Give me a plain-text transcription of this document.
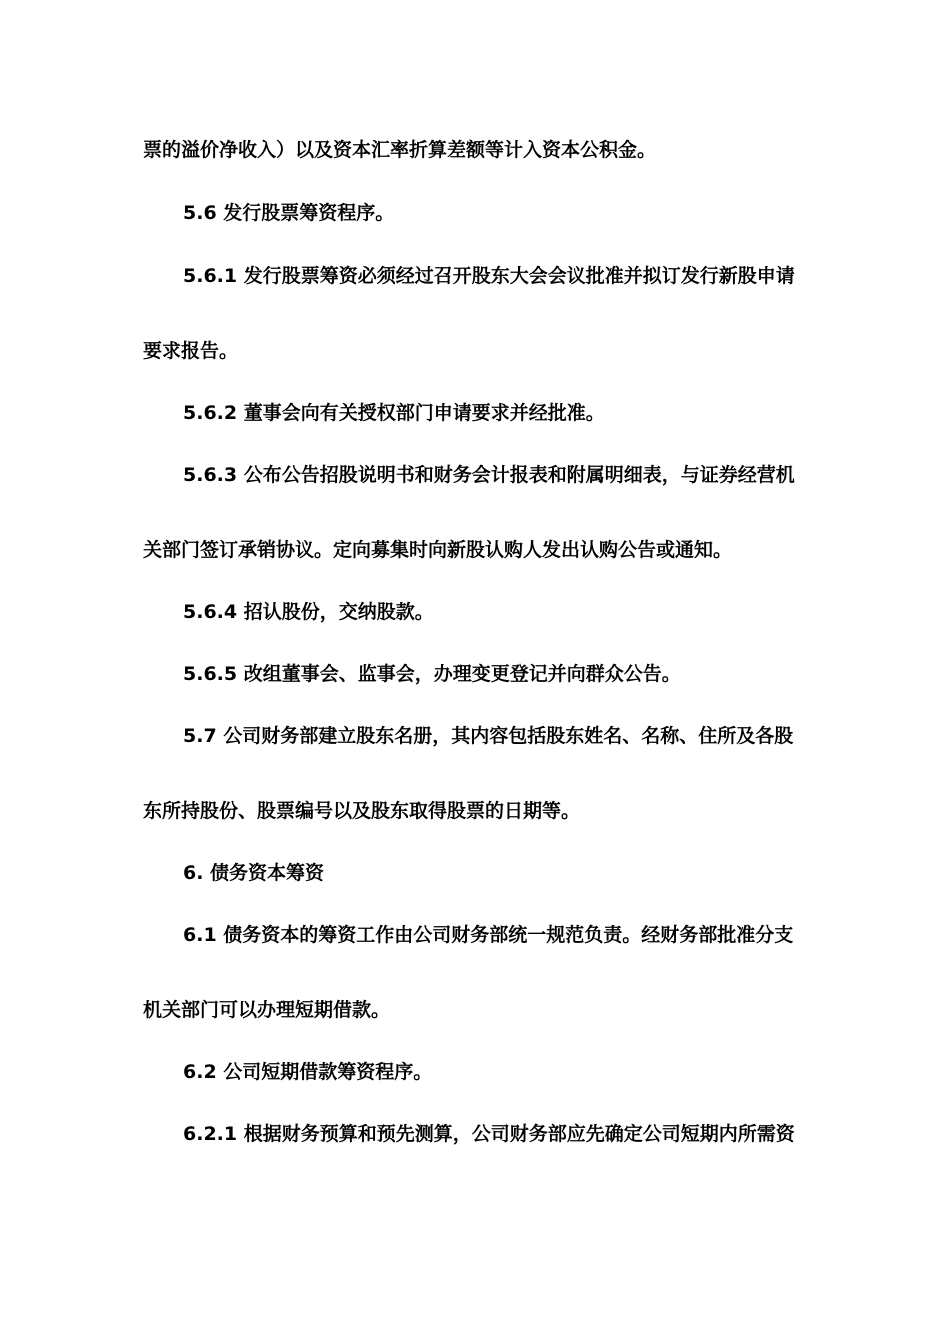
票的溢价净收入）以及资本汇率折算差额等计入资本公积金。
5.6 发行股票筹资程序。
5.6.1 发行股票筹资必须经过召开股东大会会议批准并拟订发行新股申请
要求报告。
5.6.2 董事会向有关授权部门申请要求并经批准。
5.6.3 公布公告招股说明书和财务会计报表和附属明细表，与证券经营机
关部门签订承销协议。定向募集时向新股认购人发出认购公告或通知。
5.6.4 招认股份，交纳股款。
5.6.5 改组董事会、监事会，办理变更登记并向群众公告。
5.7 公司财务部建立股东名册，其内容包括股东姓名、名称、住所及各股
东所持股份、股票编号以及股东取得股票的日期等。
6. 债务资本筹资
6.1 债务资本的筹资工作由公司财务部统一规范负责。经财务部批准分支
机关部门可以办理短期借款。
6.2 公司短期借款筹资程序。
6.2.1 根据财务预算和预先测算，公司财务部应先确定公司短期内所需资
